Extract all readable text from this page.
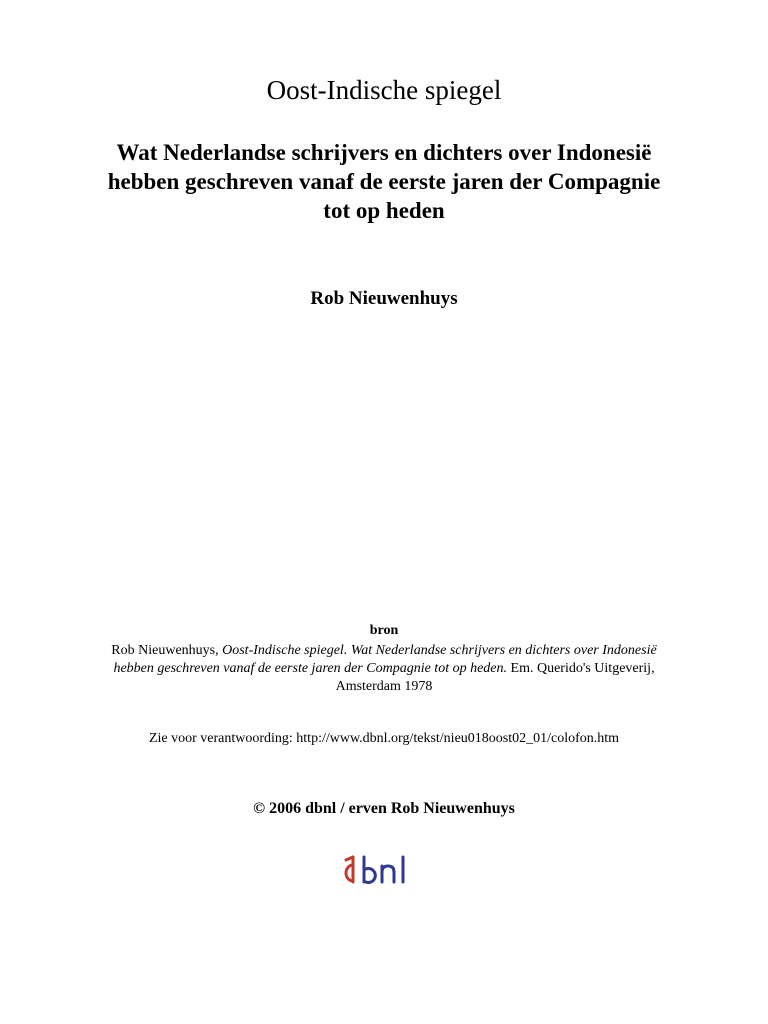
Oost-Indische spiegel
Wat Nederlandse schrijvers en dichters over Indonesië
hebben geschreven vanaf de eerste jaren der Compagnie
tot op heden
Rob Nieuwenhuys
bron
Rob Nieuwenhuys, Oost-Indische spiegel. Wat Nederlandse schrijvers en dichters over Indonesië
hebben geschreven vanaf de eerste jaren der Compagnie tot op heden. Em. Querido's Uitgeverij,
Amsterdam 1978
Zie voor verantwoording: http://www.dbnl.org/tekst/nieu018oost02_01/colofon.htm
© 2006 dbnl / erven Rob Nieuwenhuys
